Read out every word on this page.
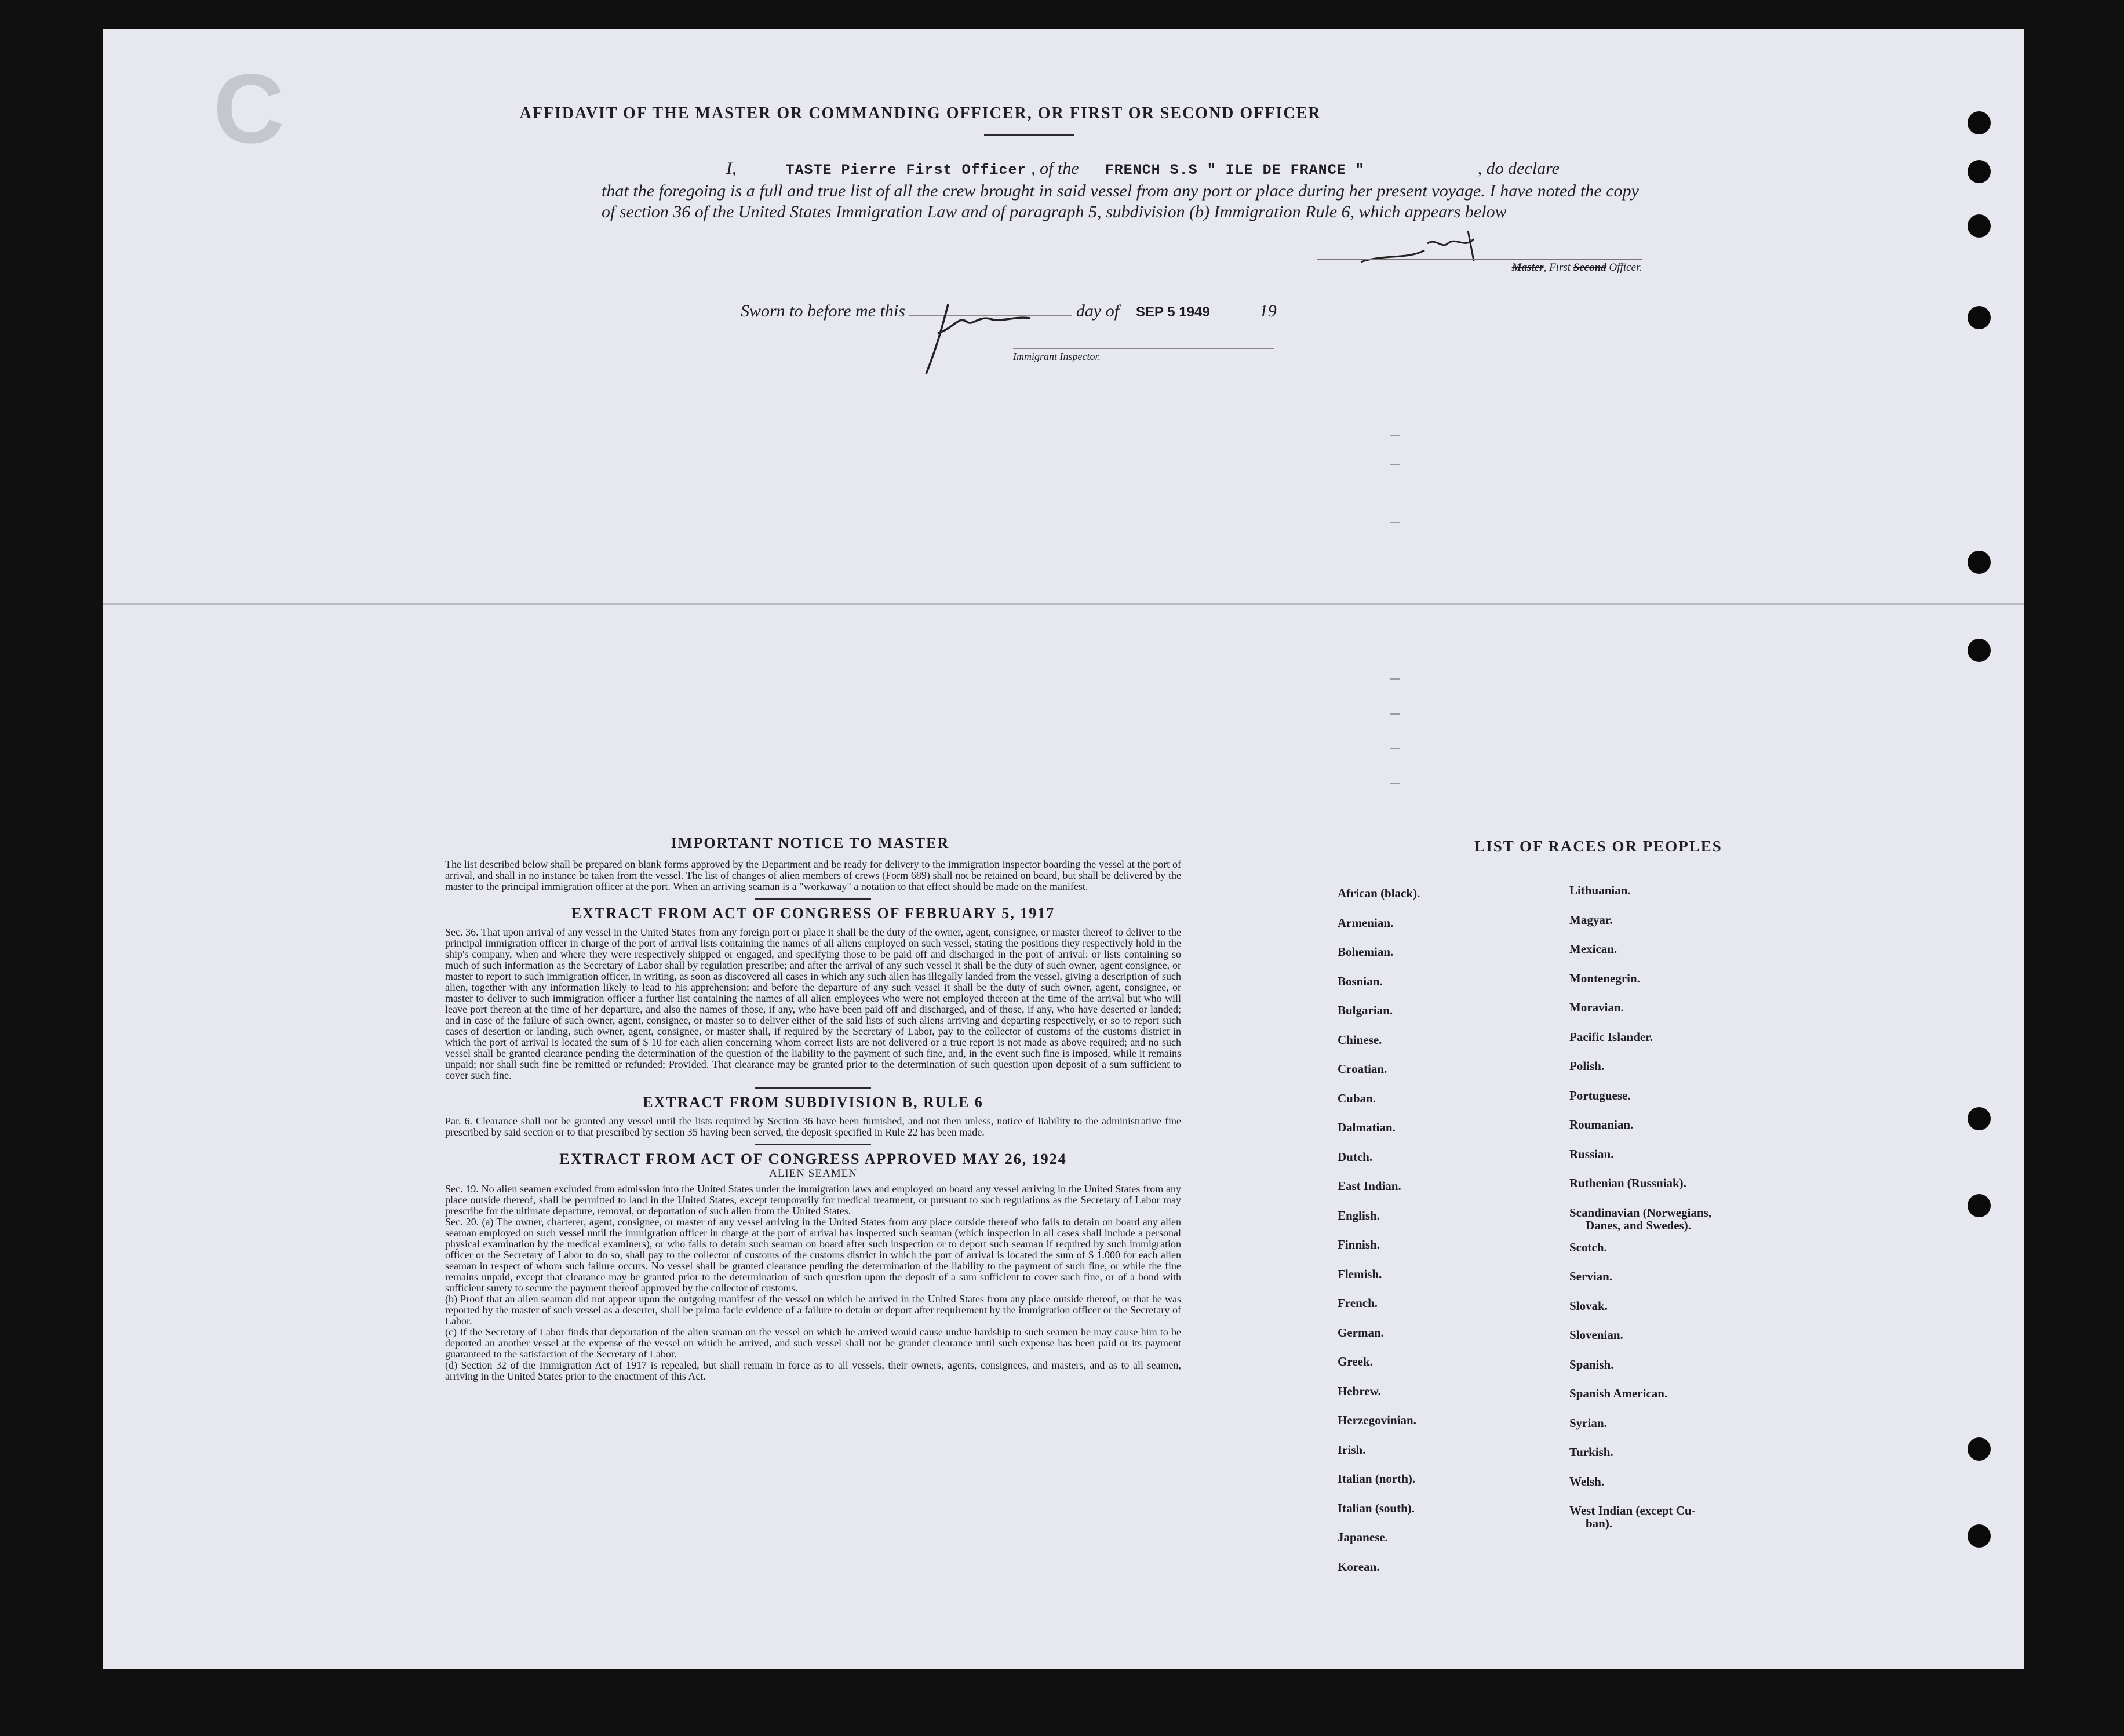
C	AFFIDAVIT OF THE MASTER OR COMMANDING OFFICER, OR FIRST OR SECOND OFFICER
I,	TASTE Pierre First Officer , of the FRENCH S.S " ILE DE FRANCE "	, do declare
that the foregoing is a full and true list of all the crew brought in said vessel from any port or place during her present voyage. I have noted the copy of section 36 of the United States Immigration Law and of paragraph 5, subdivision (b) Immigration Rule 6, which appears below
Master, First Second Officer.
Sworn to before me this	day of SEP 5 1949	19
Immigrant Inspector.
IMPORTANT NOTICE TO MASTER

The list described below shall be prepared on blank forms approved by the Department and be ready for delivery to the immigration inspector boarding the vessel at the port of arrival, and shall in no instance be taken from the vessel. The list of changes of alien members of crews (Form 689) shall not be retained on board, but shall be delivered by the master to the principal immigration officer at the port. When an arriving seaman is a "workaway" a notation to that effect should be made on the manifest.

EXTRACT FROM ACT OF CONGRESS OF FEBRUARY 5, 1917

Sec. 36. That upon arrival of any vessel in the United States from any foreign port or place it shall be the duty of the owner, agent, consignee, or master thereof to deliver to the principal immigration officer in charge of the port of arrival lists containing the names of all aliens employed on such vessel, stating the positions they respectively hold in the ship's company, when and where they were respectively shipped or engaged, and specifying those to be paid off and discharged in the port of arrival: or lists containing so much of such information as the Secretary of Labor shall by regulation prescribe; and after the arrival of any such vessel it shall be the duty of such owner, agent consignee, or master to report to such immigration officer, in writing, as soon as discovered all cases in which any such alien has illegally landed from the vessel, giving a description of such alien, together with any information likely to lead to his apprehension; and before the departure of any such vessel it shall be the duty of such owner, agent, consignee, or master to deliver to such immigration officer a further list containing the names of all alien employees who were not employed thereon at the time of the arrival but who will leave port thereon at the time of her departure, and also the names of those, if any, who have been paid off and discharged, and of those, if any, who have deserted or landed; and in case of the failure of such owner, agent, consignee, or master so to deliver either of the said lists of such aliens arriving and departing respectively, or so to report such cases of desertion or landing, such owner, agent, consignee, or master shall, if required by the Secretary of Labor, pay to the collector of customs of the customs district in which the port of arrival is located the sum of $ 10 for each alien concerning whom correct lists are not delivered or a true report is not made as above required; and no such vessel shall be granted clearance pending the determination of the question of the liability to the payment of such fine, and, in the event such fine is imposed, while it remains unpaid; nor shall such fine be remitted or refunded; Provided. That clearance may be granted prior to the determination of such question upon deposit of a sum sufficient to cover such fine.

EXTRACT FROM SUBDIVISION B, RULE 6

Par. 6. Clearance shall not be granted any vessel until the lists required by Section 36 have been furnished, and not then unless, notice of liability to the administrative fine prescribed by said section or to that prescribed by section 35 having been served, the deposit specified in Rule 22 has been made.

EXTRACT FROM ACT OF CONGRESS APPROVED MAY 26, 1924
ALIEN SEAMEN

Sec. 19. No alien seamen excluded from admission into the United States under the immigration laws and employed on board any vessel arriving in the United States from any place outside thereof, shall be permitted to land in the United States, except temporarily for medical treatment, or pursuant to such regulations as the Secretary of Labor may prescribe for the ultimate departure, removal, or deportation of such alien from the United States.

Sec. 20. (a) The owner, charterer, agent, consignee, or master of any vessel arriving in the United States from any place outside thereof who fails to detain on board any alien seaman employed on such vessel until the immigration officer in charge at the port of arrival has inspected such seaman (which inspection in all cases shall include a personal physical examination by the medical examiners), or who fails to detain such seaman on board after such inspection or to deport such seaman if required by such immigration officer or the Secretary of Labor to do so, shall pay to the collector of customs of the customs district in which the port of arrival is located the sum of $ 1.000 for each alien seaman in respect of whom such failure occurs. No vessel shall be granted clearance pending the determination of the liability to the payment of such fine, or while the fine remains unpaid, except that clearance may be granted prior to the determination of such question upon the deposit of a sum sufficient to cover such fine, or of a bond with sufficient surety to secure the payment thereof approved by the collector of customs.

(b) Proof that an alien seaman did not appear upon the outgoing manifest of the vessel on which he arrived in the United States from any place outside thereof, or that he was reported by the master of such vessel as a deserter, shall be prima facie evidence of a failure to detain or deport after requirement by the immigration officer or the Secretary of Labor.

(c) If the Secretary of Labor finds that deportation of the alien seaman on the vessel on which he arrived would cause undue hardship to such seamen he may cause him to be deported an another vessel at the expense of the vessel on which he arrived, and such vessel shall not be grandet clearance until such expense has been paid or its payment guaranteed to the satisfaction of the Secretary of Labor.

(d) Section 32 of the Immigration Act of 1917 is repealed, but shall remain in force as to all vessels, their owners, agents, consignees, and masters, and as to all seamen, arriving in the United States prior to the enactment of this Act.

LIST OF RACES OR PEOPLES
African (black).
Armenian.
Bohemian.
Bosnian.
Bulgarian.
Chinese.
Croatian.
Cuban.
Dalmatian.
Dutch.
East Indian.
English.
Finnish.
Flemish.
French.
German.
Greek.
Hebrew.
Herzegovinian.
Irish.
Italian (north).
Italian (south).
Japanese.
Korean.
Lithuanian.
Magyar.
Mexican.
Montenegrin.
Moravian.
Pacific Islander.
Polish.
Portuguese.
Roumanian.
Russian.
Ruthenian (Russniak).
Scandinavian (Norwegians,
Danes, and Swedes).
Scotch.
Servian.
Slovak.
Slovenian.
Spanish.
Spanish American.
Syrian.
Turkish.
Welsh.
West Indian (except Cu-
ban).
